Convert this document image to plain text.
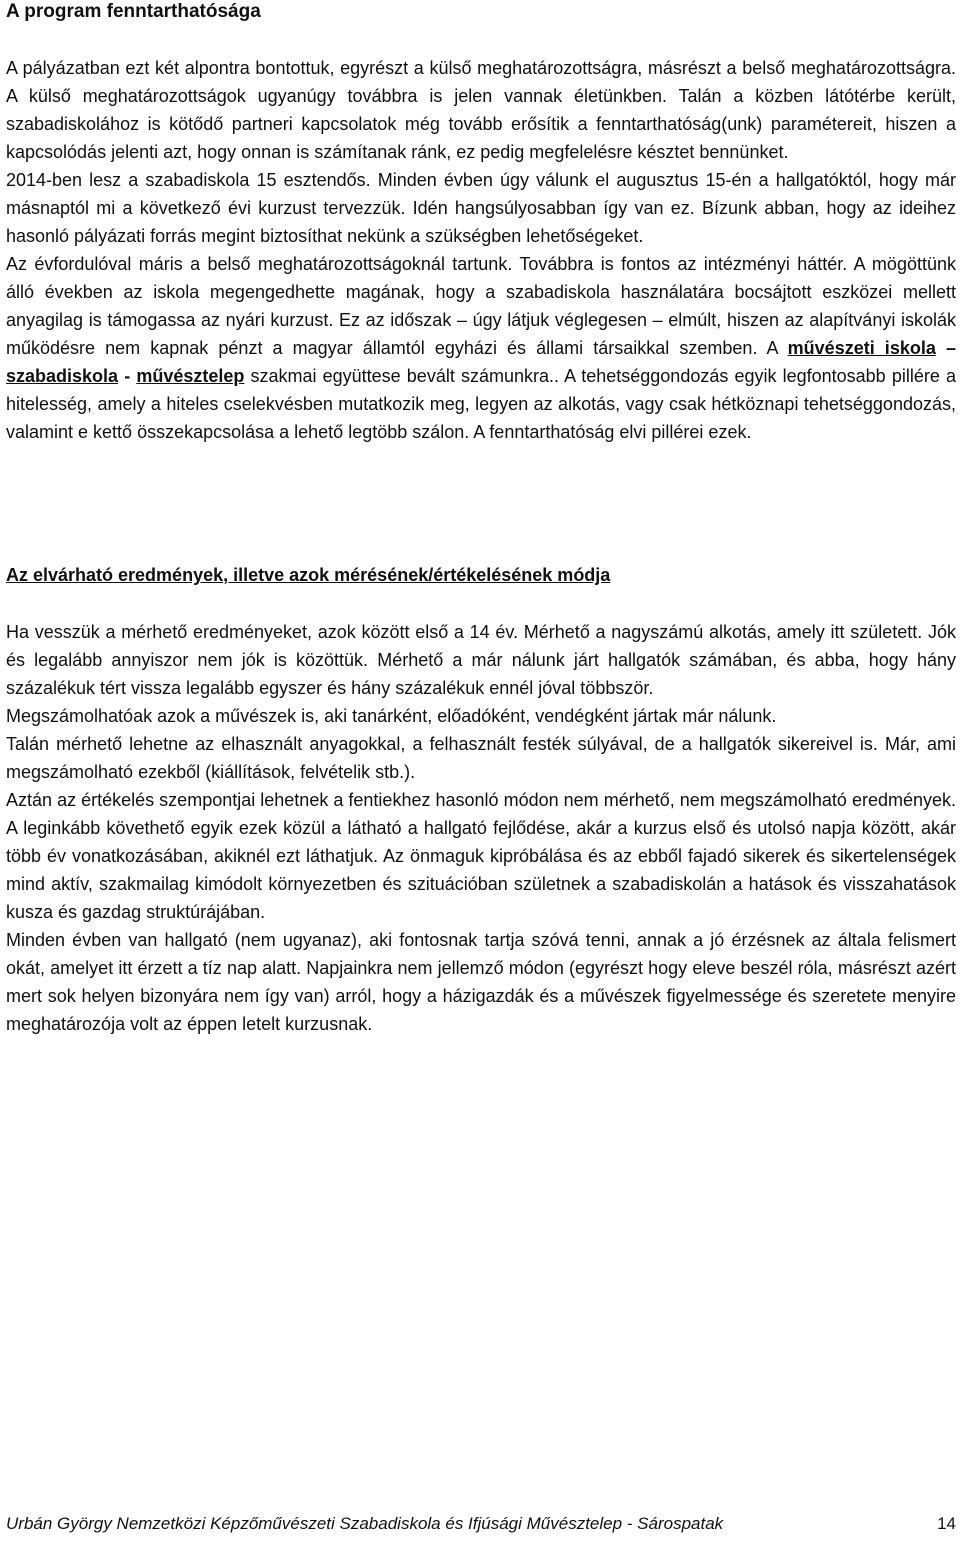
A program fenntarthatósága

A pályázatban ezt két alpontra bontottuk, egyrészt a külső meghatározottságra, másrészt a belső meghatározottságra. A külső meghatározottságok ugyanúgy továbbra is jelen vannak életünkben. Talán a közben látótérbe került, szabadiskolához is kötődő partneri kapcsolatok még tovább erősítik a fenntarthatóság(unk) paramétereit, hiszen a kapcsolódás jelenti azt, hogy onnan is számítanak ránk, ez pedig megfelelésre késztet bennünket.

2014-ben lesz a szabadiskola 15 esztendős. Minden évben úgy válunk el augusztus 15-én a hallgatóktól, hogy már másnaptól mi a következő évi kurzust tervezzük. Idén hangsúlyosabban így van ez. Bízunk abban, hogy az ideihez hasonló pályázati forrás megint biztosíthat nekünk a szükségben lehetőségeket.

Az évfordulóval máris a belső meghatározottságoknál tartunk. Továbbra is fontos az intézményi háttér. A mögöttünk álló években az iskola megengedhette magának, hogy a szabadiskola használatára bocsájtott eszközei mellett anyagilag is támogassa az nyári kurzust. Ez az időszak – úgy látjuk véglegesen – elmúlt, hiszen az alapítványi iskolák működésre nem kapnak pénzt a magyar államtól egyházi és állami társaikkal szemben. A művészeti iskola – szabadiskola - művésztelep szakmai együttese bevált számunkra.. A tehetséggondozás egyik legfontosabb pillére a hitelesség, amely a hiteles cselekvésben mutatkozik meg, legyen az alkotás, vagy csak hétköznapi tehetséggondozás, valamint e kettő összekapcsolása a lehető legtöbb szálon. A fenntarthatóság elvi pillérei ezek.

Az elvárható eredmények, illetve azok mérésének/értékelésének módja

Ha vesszük a mérhető eredményeket, azok között első a 14 év. Mérhető a nagyszámú alkotás, amely itt született. Jók és legalább annyiszor nem jók is közöttük. Mérhető a már nálunk járt hallgatók számában, és abba, hogy hány százalékuk tért vissza legalább egyszer és hány százalékuk ennél jóval többször.

Megszámolhatóak azok a művészek is, aki tanárként, előadóként, vendégként jártak már nálunk.

Talán mérhető lehetne az elhasznált anyagokkal, a felhasznált festék súlyával, de a hallgatók sikereivel is. Már, ami megszámolható ezekből (kiállítások, felvételik stb.).

Aztán az értékelés szempontjai lehetnek a fentiekhez hasonló módon nem mérhető, nem megszámolható eredmények. A leginkább követhető egyik ezek közül a látható a hallgató fejlődése, akár a kurzus első és utolsó napja között, akár több év vonatkozásában, akiknél ezt láthatjuk. Az önmaguk kipróbálása és az ebből fajadó sikerek és sikertelenségek mind aktív, szakmailag kimódolt környezetben és szituációban születnek a szabadiskolán a hatások és visszahatások kusza és gazdag struktúrájában.

Minden évben van hallgató (nem ugyanaz), aki fontosnak tartja szóvá tenni, annak a jó érzésnek az általa felismert okát, amelyet itt érzett a tíz nap alatt. Napjainkra nem jellemző módon (egyrészt hogy eleve beszél róla, másrészt azért mert sok helyen bizonyára nem így van) arról, hogy a házigazdák és a művészek figyelmessége és szeretete menyire meghatározója volt az éppen letelt kurzusnak.

Urbán György Nemzetközi Képzőművészeti Szabadiskola és Ifjúsági Művésztelep - Sárospatak	14
